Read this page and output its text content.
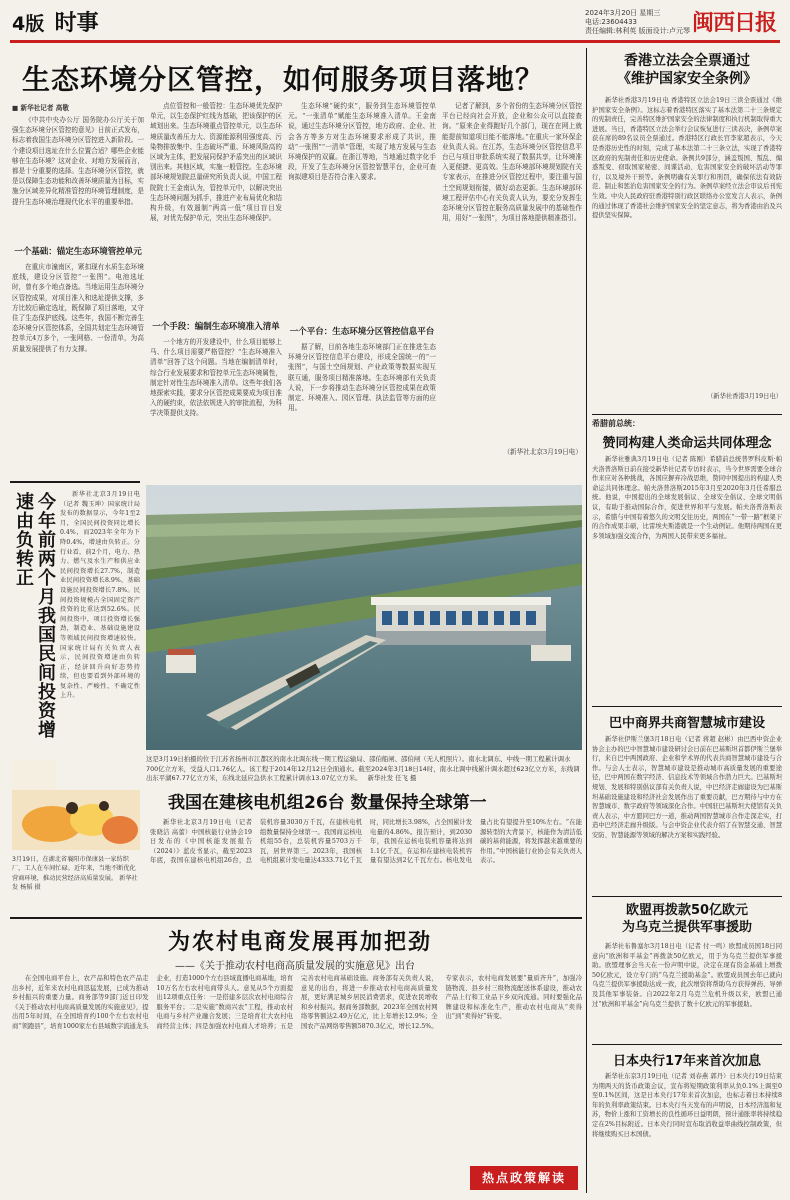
4版 时事	2024年3月20日 星期三
电话:23604433
责任编辑:林利英 版面设计:卢元琴 闽西日报
生态环境分区管控，如何服务项目落地？
■ 新华社记者 高敬
《中共中央办公厅 国务院办公厅关于加强生态环境分区管控的意见》日前正式发布，标志着我国生态环境分区管控进入新阶段。一个建设项目选址在什么位置合适？哪些企业能够在生态环境？这对企业、对地方发展而言，都是十分重要的选择。生态环境分区管控，就是以保障生态功能和改善环境质量为目标，实施分区域差异化精准管控的环境管理制度，是提升生态环境治理现代化水平的重要举措。
一个基础：锚定生态环境管控单元
在重庆市潼南区，紧扣现有水质生态环境底线，建设分区管控“一张图”。电池选址时，曾有多个地点备选。当地运用生态环境分区管控成果，对项目准入和选址提供支撑，多方比较后确定选址，既保障了项目落地，又守住了生态保护底线。这些年，我国不断完善生态环境分区管控体系，全国共划定生态环境管控单元4万多个，一张网格、一份清单，为高质量发展提供了有力支撑。
点位管控和一般管控：生态环境优先保护单元，以生态保护红线为基础，把该保护的区域划出来。生态环境重点管控单元，以生态环境质量改善压力大、资源能源利用强度高、污染物排放集中、生态破坏严重、环境风险高的区域为主体，把发展同保护矛盾突出的区域识别出来。其他区域，实施一般管控。生态环境部环境规划院总量研究所负责人说，中国工程院院士王金南认为，管控单元中，以解决突出生态环境问题为抓手，推进产业布局优化和结构升级，有效遏制“两高一低”项目盲目发展，对优先保护单元，突出生态环境保护。
一个手段：编制生态环境准入清单
一个地方的开发建设中，什么项目能够上马、什么项目需要严格管控？“生态环境准入清单”回答了这个问题。当地在编制清单时，综合行业发展要求和管控单元生态环境属性，制定针对性生态环境准入清单。这些年我们各地探索实践，要求分区管控成果要成为项目准入的硬约束，依法依规进入的审批流程，为科学决策提供支持。
生态环境“硬约束”，服务到生态环境管控单元。“一张清单”赋能生态环境准入清单。王金南说，通过生态环境分区管控，地方政府、企业、社会各方等多方对生态环境要求形成了共识，推动“一张图”“一清单”管理，实现了地方发展与生态环境保护的双赢。在浙江等地，当地通过数字化手段，开发了生态环境分区管控智慧平台，企业可查询拟建项目是否符合准入要求。
一个平台：生态环境分区管控信息平台
据了解，目前各地生态环境部门正在推进生态环境分区管控信息平台建设，形成全国统一的“一张图”，与国土空间规划、产业政策等数据实现互联互通，服务项目精准落地。生态环境部有关负责人说，下一步将推动生态环境分区管控成果在政策制定、环境准入、园区管理、执法监管等方面的应用。
记者了解到，多个省份的生态环境分区管控平台已经向社会开放，企业和公众可以直接查询。“原来企业得跑好几个部门，现在在网上就能提前知道项目能不能落地。”在重庆一家环保企业负责人说。在江苏，生态环境分区管控信息平台已与项目审批系统实现了数据共享，让环境准入更便捷、更高效。生态环境部环境规划院有关专家表示，在推进分区管控过程中，要注重与国土空间规划衔接，做好动态更新。生态环境部环境工程评估中心有关负责人认为，要充分发挥生态环境分区管控在服务高质量发展中的基础性作用，用好“一张图”，为项目落地提供精准指引。
（新华社北京3月19日电）
这是3月19日拍摄的位于江苏省扬州市江都区的南水北调东线一期工程运输局、邵伯船闸、邵伯闸（无人机照片）。南水北调东、中线一期工程累计调水700亿立方米，受益人口1.76亿人。该工程于2014年12月12日全面通水。截至2024年3月18日14时，南水北调中线累计调水超过623亿立方米，东线调出东平湖67.77亿立方米，东线北延应急供水工程累计调水13.07亿立方米。 新华社发 任飞 摄
今年前两个月我国民间投资增速由负转正	新华社北京3月19日电（记者 魏玉坤）国家统计局发布的数据显示，今年1至2月，全国民间投资同比增长0.4%，而2023年全年为下降0.4%，增速由负转正。分行业看，前2个月，电力、热力、燃气及水生产和供应业民间投资增长27.7%，制造业民间投资增长8.9%，基础设施民间投资增长7.8%。民间投资规模占全国固定资产投资的比重达到52.6%。民间投资中，项目投资增长强劲，制造业、基础设施建设等领域民间投资增速较快。国家统计局有关负责人表示，民间投资增速由负转正，经济回升向好态势持续，但也要看到外部环境的复杂性、严峻性、不确定性上升。
3月19日，在湖北省襄阳市保康县一家纺织厂，工人在车间忙碌。近年来，当地不断优化营商环境，推动民营经济高质量发展。 新华社发 杨韬 摄
我国在建核电机组26台 数量保持全球第一
新华社北京3月19日电（记者 张晓洁 高蕾）中国核能行业协会19日发布的《中国核能发展报告（2024）》蓝皮书显示，截至2023年底，我国在建核电机组26台，总装机容量3030万千瓦，在建核电机组数量保持全球第一。我国商运核电机组55台，总装机容量5703万千瓦，居世界第三。2023年，我国核电机组累计发电量达4333.71亿千瓦时，同比增长3.98%，占全国累计发电量的4.86%。报告预计，到2030年，我国在运核电装机容量将达到1.1亿千瓦，在运和在建核电装机容量有望达到2亿千瓦左右。核电发电量占比有望提升至10%左右。“在能源转型的大背景下，核能作为清洁低碳的基荷能源，将发挥越来越重要的作用。”中国核能行业协会有关负责人表示。
为农村电商发展再加把劲
——《关于推动农村电商高质量发展的实施意见》出台
在全国电商平台上，农产品和特色农产品走出乡村，近年来农村电商迅猛发展，已成为推动乡村振兴的重要力量。商务部等9部门近日印发《关于推动农村电商高质量发展的实施意见》，提出用5年时间，在全国培育约100个左右农村电商“领跑县”，培育1000家左右县域数字流通龙头企业，打造1000个左右县域直播电商基地，培育10万名左右农村电商带头人。意见从5个方面提出12项重点任务：一是搭建多层次农村电商综合服务平台；二是实施“数商兴农”工程，推动农村电商与乡村产业融合发展；三是培育壮大农村电商经营主体；四是加强农村电商人才培养；五是完善农村电商基础设施。商务部有关负责人说，意见的出台，将进一步推动农村电商高质量发展，更好满足城乡居民消费需求，促进农民增收和乡村振兴。据商务部数据，2023年全国农村网络零售额达2.49万亿元，比上年增长12.9%；全国农产品网络零售额5870.3亿元，增长12.5%。专家表示，农村电商发展要“量质齐升”，加强冷链物流、县乡村三级物流配送体系建设，推动农产品上行和工业品下乡双向流通。同时要强化品牌建设和标准化生产，推动农村电商从“卖得出”到“卖得好”转变。
热点政策解读
香港立法会全票通过
《维护国家安全条例》
新华社香港3月19日电 香港特区立法会19日三读全票通过《维护国家安全条例》。这标志着香港特区落实了基本法第二十三条规定的宪制责任，完善特区维护国家安全的法律制度和执行机制取得重大进展。当日，香港特区立法会举行会议恢复进行三读表决，条例草案获在席的89名议员全票通过。香港特区行政长官李家超表示，今天是香港历史性的时刻，完成了基本法第二十三条立法，实现了香港特区政府的宪制责任和历史使命。条例共9部分，涵盖叛国、叛乱、煽惑叛变、窃取国家秘密、间谍活动、危害国家安全的破坏活动等罪行，以及境外干预等。条例明确有关罪行和刑罚，确保依法有效防范、制止和惩治危害国家安全的行为。条例草案经立法会审议后刊宪生效。中央人民政府驻香港特别行政区联络办公室发言人表示，条例的通过体现了香港社会维护国家安全的坚定意志，将为香港由治及兴提供坚实保障。
（新华社香港3月19日电）
希腊前总统：
赞同构建人类命运共同体理念
新华社雅典3月19日电（记者 陈刚）希腊前总统普罗科皮斯·帕夫洛普洛斯日前在接受新华社记者专访时表示，当今世界需要全球合作来应对各种挑战，各国应摒弃冷战思维，赞同中国提出的构建人类命运共同体理念。帕夫洛普洛斯2015年3月至2020年3月任希腊总统。他说，中国提出的全球发展倡议、全球安全倡议、全球文明倡议，有助于推动国际合作，促进世界和平与发展。帕夫洛普洛斯表示，希腊与中国有着悠久的文明交往历史，两国在“一带一路”框架下的合作成果丰硕，比雷埃夫斯港就是一个生动例证。他期待两国在更多领域加强交流合作，为两国人民带来更多福祉。
巴中商界共商智慧城市建设
新华社伊斯兰堡3月18日电（记者 蒋超 赵彬）由巴西中资企业协会主办的巴中智慧城市建设研讨会日前在巴基斯坦首都伊斯兰堡举行，来自巴中两国政府、企业和学术界的代表共商智慧城市建设与合作。与会人士表示，智慧城市建设是推动城市高质量发展的重要途径，巴中两国在数字经济、信息技术等领域合作潜力巨大。巴基斯坦规划、发展和特别倡议部有关负责人说，中巴经济走廊建设为巴基斯坦基础设施建设和经济社会发展作出了重要贡献，巴方期待与中方在智慧城市、数字政府等领域深化合作。中国驻巴基斯坦大使馆有关负责人表示，中方愿同巴方一道，推动两国智慧城市合作走深走实，打造中巴经济走廊升级版。与会中资企业代表介绍了在智慧交通、智慧安防、智慧能源等领域的解决方案和实践经验。
欧盟再拨款50亿欧元
为乌克兰提供军事援助
新华社布鲁塞尔3月18日电（记者 付一鸣）欧盟成员国18日同意向“欧洲和平基金”再拨款50亿欧元，用于为乌克兰提供军事援助。欧盟理事会当天在一份声明中说，决定在现有资金基础上增拨50亿欧元，设立专门的“乌克兰援助基金”。欧盟成员国去年已就向乌克兰提供军事援助达成一致，此次增资将帮助乌方获得弹药、导弹及其他军事装备。自2022年2月乌克兰危机升级以来，欧盟已通过“欧洲和平基金”向乌克兰提供了数十亿欧元的军事援助。
日本央行17年来首次加息
新华社东京3月19日电（记者 刘春燕 郭丹）日本央行19日结束为期两天的货币政策会议，宣布将短期政策利率从负0.1%上调至0至0.1%区间，这是日本央行17年来首次加息，也标志着日本持续8年的负利率政策结束。日本央行当天发布的声明说，日本经济温和复苏，物价上涨和工资增长的良性循环日益明朗，预计通胀率将持续稳定在2%目标附近。日本央行同时宣布取消收益率曲线控制政策，但将继续购买日本国债。
